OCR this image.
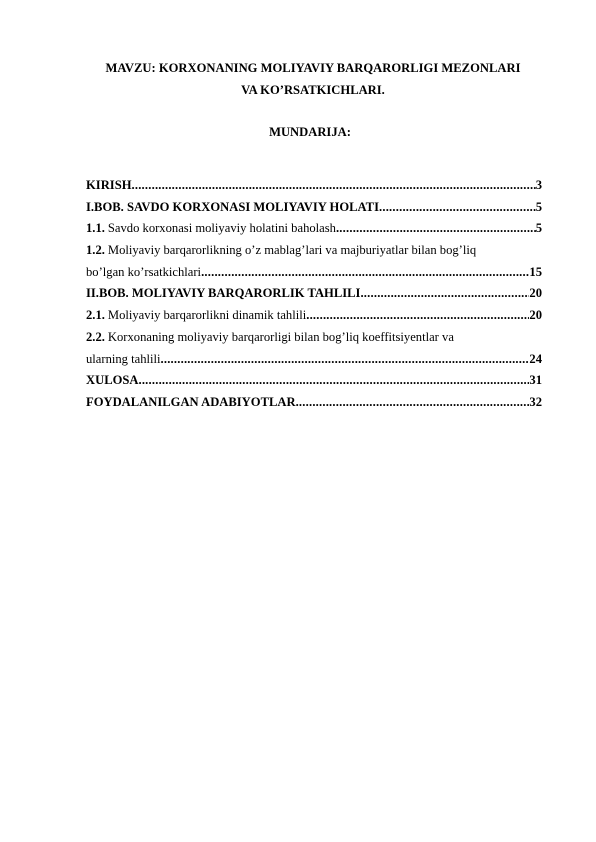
MAVZU: KORXONANING MOLIYAVIY BARQARORLIGI MEZONLARI
VA KO’RSATKICHLARI.
MUNDARIJA:
KIRISH .....	3
I.BOB. SAVDO KORXONASI MOLIYAVIY HOLATI .....	5
1.1. Savdo korxonasi moliyaviy holatini baholash .....	5
1.2. Moliyaviy barqarorlikning o’z mablag’lari va majburiyatlar bilan bog’liq
bo’lgan ko’rsatkichlari .....	15
II.BOB. MOLIYAVIY BARQARORLIK TAHLILI .....	20
2.1. Moliyaviy barqarorlikni dinamik tahlili .....	20
2.2. Korxonaning moliyaviy barqarorligi bilan bog’liq koeffitsiyentlar va
ularning tahlili .....	24
XULOSA .....	31
FOYDALANILGAN ADABIYOTLAR .....	32
